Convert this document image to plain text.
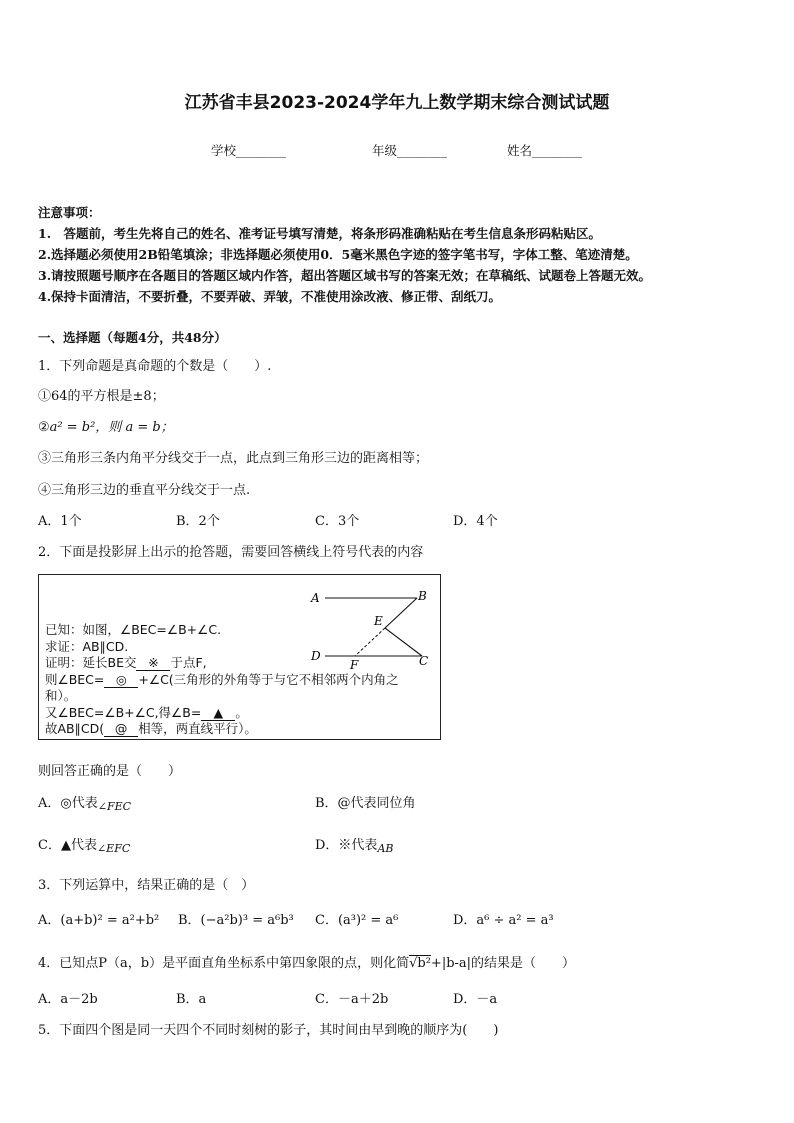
江苏省丰县2023-2024学年九上数学期末综合测试试题
学校________	年级________	姓名________
注意事项：
1.　答题前，考生先将自己的姓名、准考证号填写清楚，将条形码准确粘贴在考生信息条形码粘贴区。
2.选择题必须使用2B铅笔填涂；非选择题必须使用0．5毫米黑色字迹的签字笔书写，字体工整、笔迹清楚。
3.请按照题号顺序在各题目的答题区域内作答，超出答题区域书写的答案无效；在草稿纸、试题卷上答题无效。
4.保持卡面清洁，不要折叠，不要弄破、弄皱，不准使用涂改液、修正带、刮纸刀。
一、选择题（每题4分，共48分）
1．下列命题是真命题的个数是（　　）.
①64的平方根是±8；
②a² = b²，则 a = b；
③三角形三条内角平分线交于一点，此点到三角形三边的距离相等；
④三角形三边的垂直平分线交于一点.
A．1个	B．2个	C．3个	D．4个
2．下面是投影屏上出示的抢答题，需要回答横线上符号代表的内容
已知：如图，∠BEC=∠B+∠C.
求证：AB∥CD.
证明：延长BE交 ※ 于点F,
则∠BEC= ◎ +∠C(三角形的外角等于与它不相邻两个内角之
和）。
又∠BEC=∠B+∠C,得∠B= ▲ 。
故AB∥CD( @ 相等，两直线平行）。
A	B
E
D
F	C
则回答正确的是（　　）
A．◎代表$_{\angle FEC}$	B．@代表同位角
C．▲代表$_{\angle EFC}$	D．※代表$_{AB}$
3．下列运算中，结果正确的是（　）
A．(a+b)² = a²+b² B．(−a²b)³ = a⁶b³ C．(a³)² = a⁶	D．a⁶ ÷ a² = a³
4．已知点P（a，b）是平面直角坐标系中第四象限的点，则化简√b²+|b-a|的结果是（　　）
A．a－2b	B．a	C．－a＋2b	D．－a
5．下面四个图是同一天四个不同时刻树的影子，其时间由早到晚的顺序为(　　)
